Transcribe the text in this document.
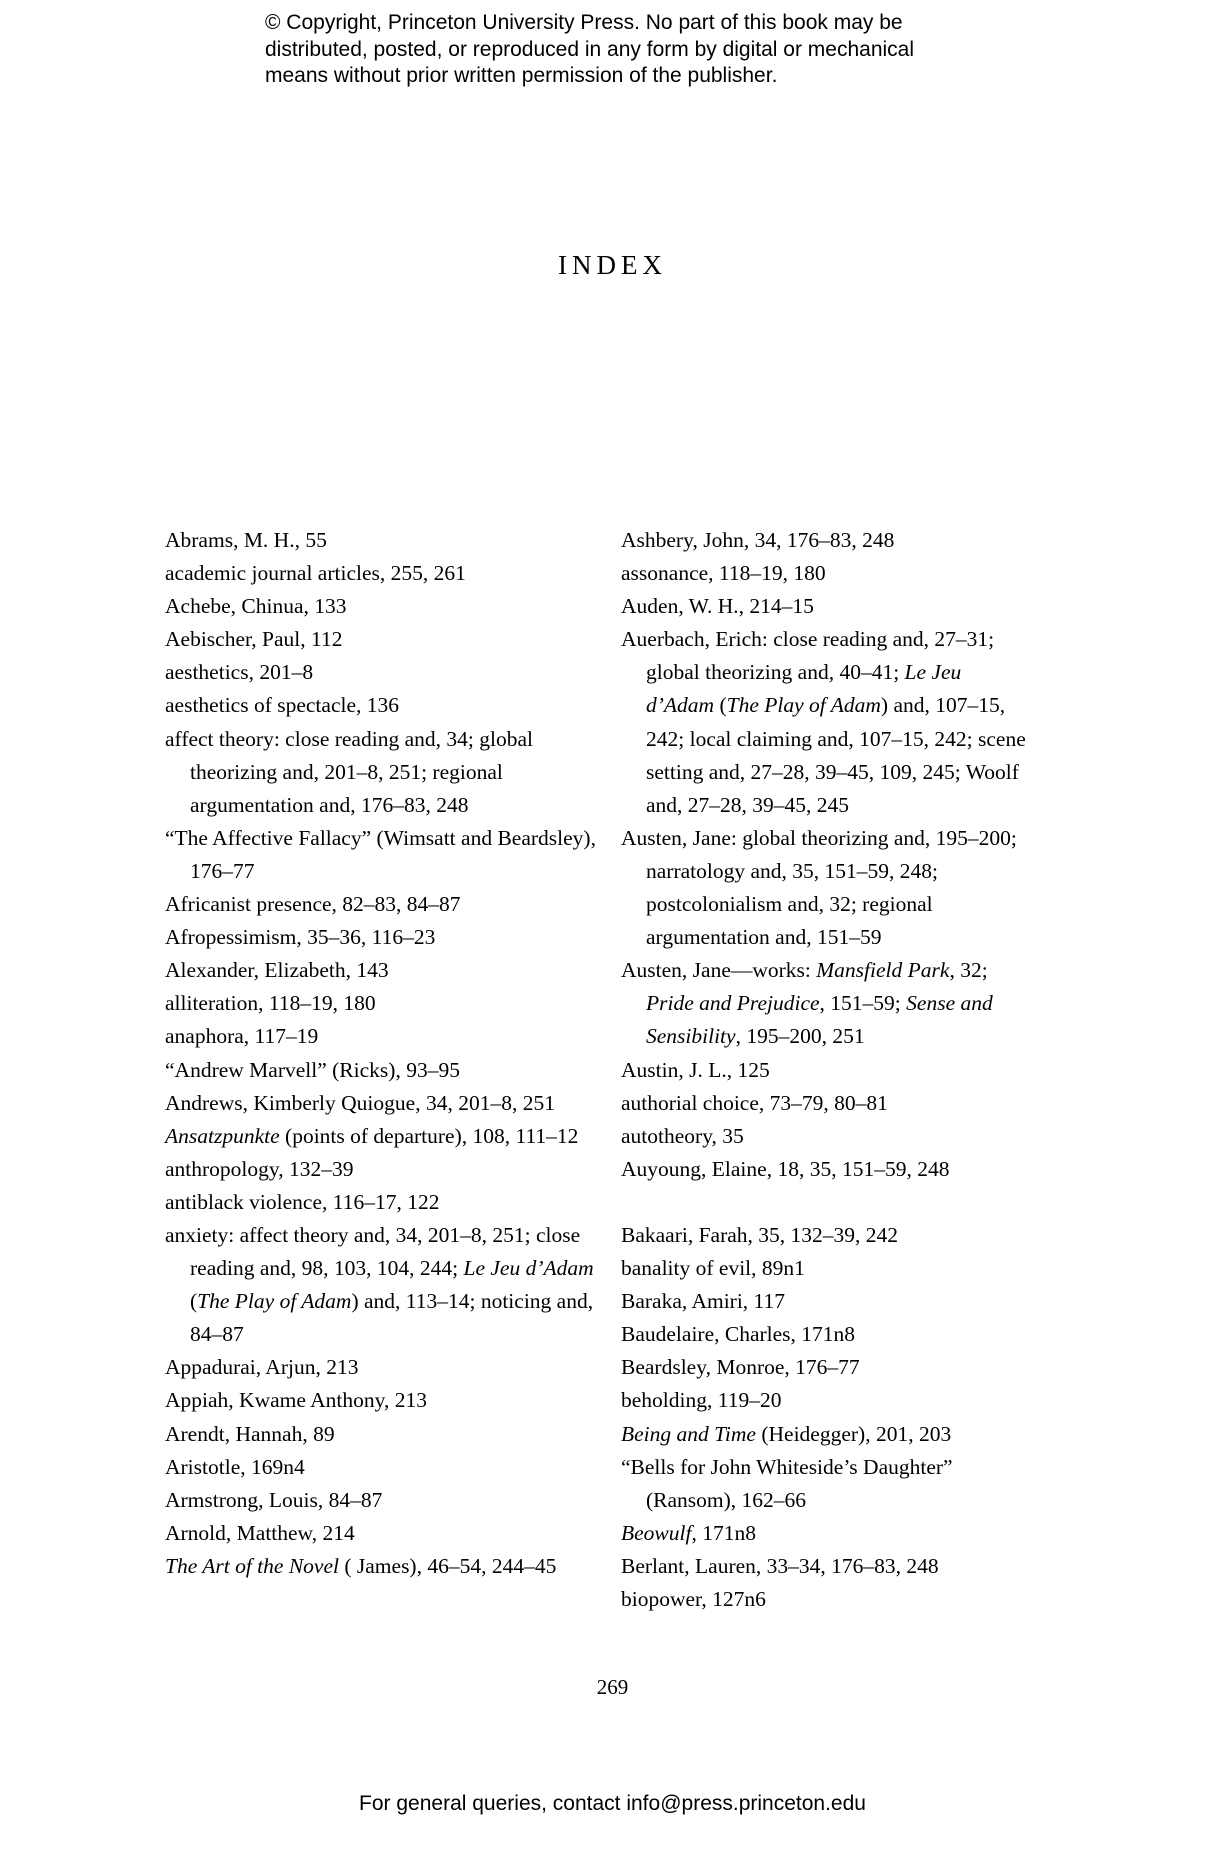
© Copyright, Princeton University Press. No part of this book may be
distributed, posted, or reproduced in any form by digital or mechanical
means without prior written permission of the publisher.
INDEX
Abrams, M. H., 55
academic journal articles, 255, 261
Achebe, Chinua, 133
Aebischer, Paul, 112
aesthetics, 201–8
aesthetics of spectacle, 136
affect theory: close reading and, 34; global theorizing and, 201–8, 251; regional argumentation and, 176–83, 248
“The Affective Fallacy” (Wimsatt and Beardsley), 176–77
Africanist presence, 82–83, 84–87
Afropessimism, 35–36, 116–23
Alexander, Elizabeth, 143
alliteration, 118–19, 180
anaphora, 117–19
“Andrew Marvell” (Ricks), 93–95
Andrews, Kimberly Quiogue, 34, 201–8, 251
Ansatzpunkte (points of departure), 108, 111–12
anthropology, 132–39
antiblack violence, 116–17, 122
anxiety: affect theory and, 34, 201–8, 251; close reading and, 98, 103, 104, 244; Le Jeu d’Adam (The Play of Adam) and, 113–14; noticing and, 84–87
Appadurai, Arjun, 213
Appiah, Kwame Anthony, 213
Arendt, Hannah, 89
Aristotle, 169n4
Armstrong, Louis, 84–87
Arnold, Matthew, 214
The Art of the Novel ( James), 46–54, 244–45
Ashbery, John, 34, 176–83, 248
assonance, 118–19, 180
Auden, W. H., 214–15
Auerbach, Erich: close reading and, 27–31; global theorizing and, 40–41; Le Jeu d’Adam (The Play of Adam) and, 107–15, 242; local claiming and, 107–15, 242; scene setting and, 27–28, 39–45, 109, 245; Woolf and, 27–28, 39–45, 245
Austen, Jane: global theorizing and, 195–200; narratology and, 35, 151–59, 248; postcolonialism and, 32; regional argumentation and, 151–59
Austen, Jane—works: Mansfield Park, 32; Pride and Prejudice, 151–59; Sense and Sensibility, 195–200, 251
Austin, J. L., 125
authorial choice, 73–79, 80–81
autotheory, 35
Auyoung, Elaine, 18, 35, 151–59, 248
Bakaari, Farah, 35, 132–39, 242
banality of evil, 89n1
Baraka, Amiri, 117
Baudelaire, Charles, 171n8
Beardsley, Monroe, 176–77
beholding, 119–20
Being and Time (Heidegger), 201, 203
“Bells for John Whiteside’s Daughter” (Ransom), 162–66
Beowulf, 171n8
Berlant, Lauren, 33–34, 176–83, 248
biopower, 127n6
269
For general queries, contact info@press.princeton.edu
